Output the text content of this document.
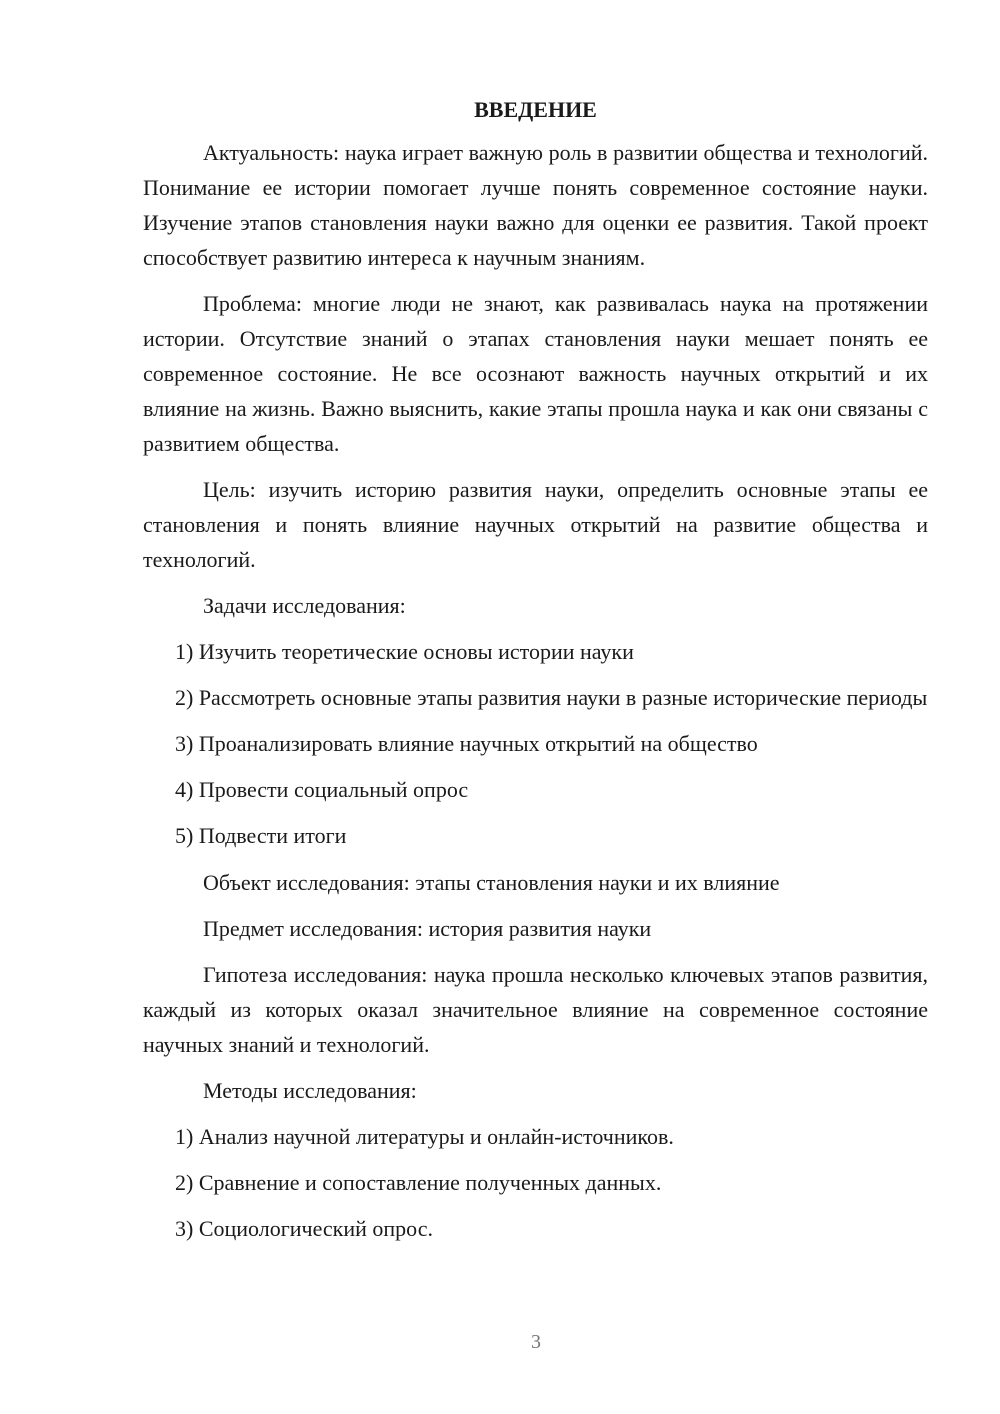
ВВЕДЕНИЕ

Актуальность: наука играет важную роль в развитии общества и технологий. Понимание ее истории помогает лучше понять современное состояние науки. Изучение этапов становления науки важно для оценки ее развития. Такой проект способствует развитию интереса к научным знаниям.

Проблема: многие люди не знают, как развивалась наука на протяжении истории. Отсутствие знаний о этапах становления науки мешает понять ее современное состояние. Не все осознают важность научных открытий и их влияние на жизнь. Важно выяснить, какие этапы прошла наука и как они связаны с развитием общества.

Цель: изучить историю развития науки, определить основные этапы ее становления и понять влияние научных открытий на развитие общества и технологий.

Задачи исследования:

1) Изучить теоретические основы истории науки

2) Рассмотреть основные этапы развития науки в разные исторические периоды

3) Проанализировать влияние научных открытий на общество

4) Провести социальный опрос

5) Подвести итоги

Объект исследования: этапы становления науки и их влияние

Предмет исследования: история развития науки

Гипотеза исследования: наука прошла несколько ключевых этапов развития, каждый из которых оказал значительное влияние на современное состояние научных знаний и технологий.

Методы исследования:

1) Анализ научной литературы и онлайн-источников.

2) Сравнение и сопоставление полученных данных.

3) Социологический опрос.

3
